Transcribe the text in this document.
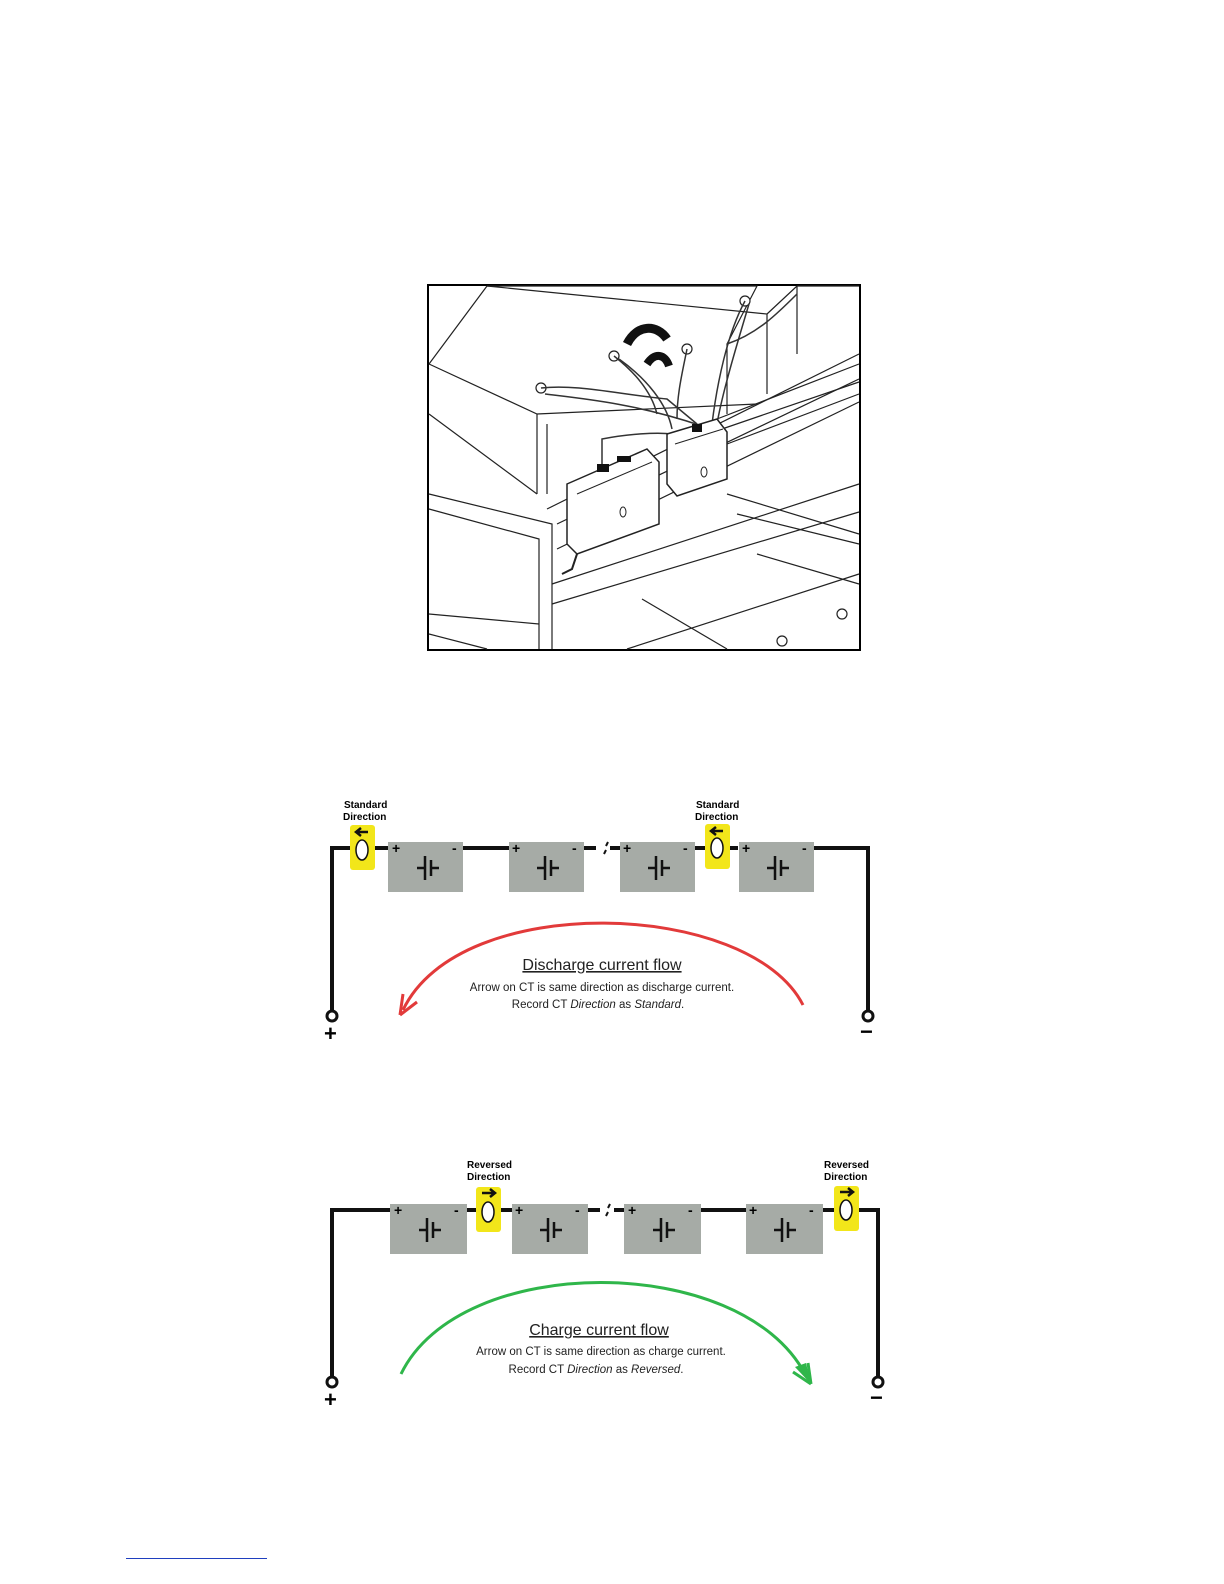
+	-	+	-	+	-	+	-
Standard
Direction
Standard
Direction
+	−
Discharge current flow
Arrow on CT is same direction as discharge current.
Record CT Direction as Standard.
+	-	+	-	+	-	+	-
Reversed
Direction
Reversed
Direction
+	−
Charge current flow
Arrow on CT is same direction as charge current.
Record CT Direction as Reversed.
